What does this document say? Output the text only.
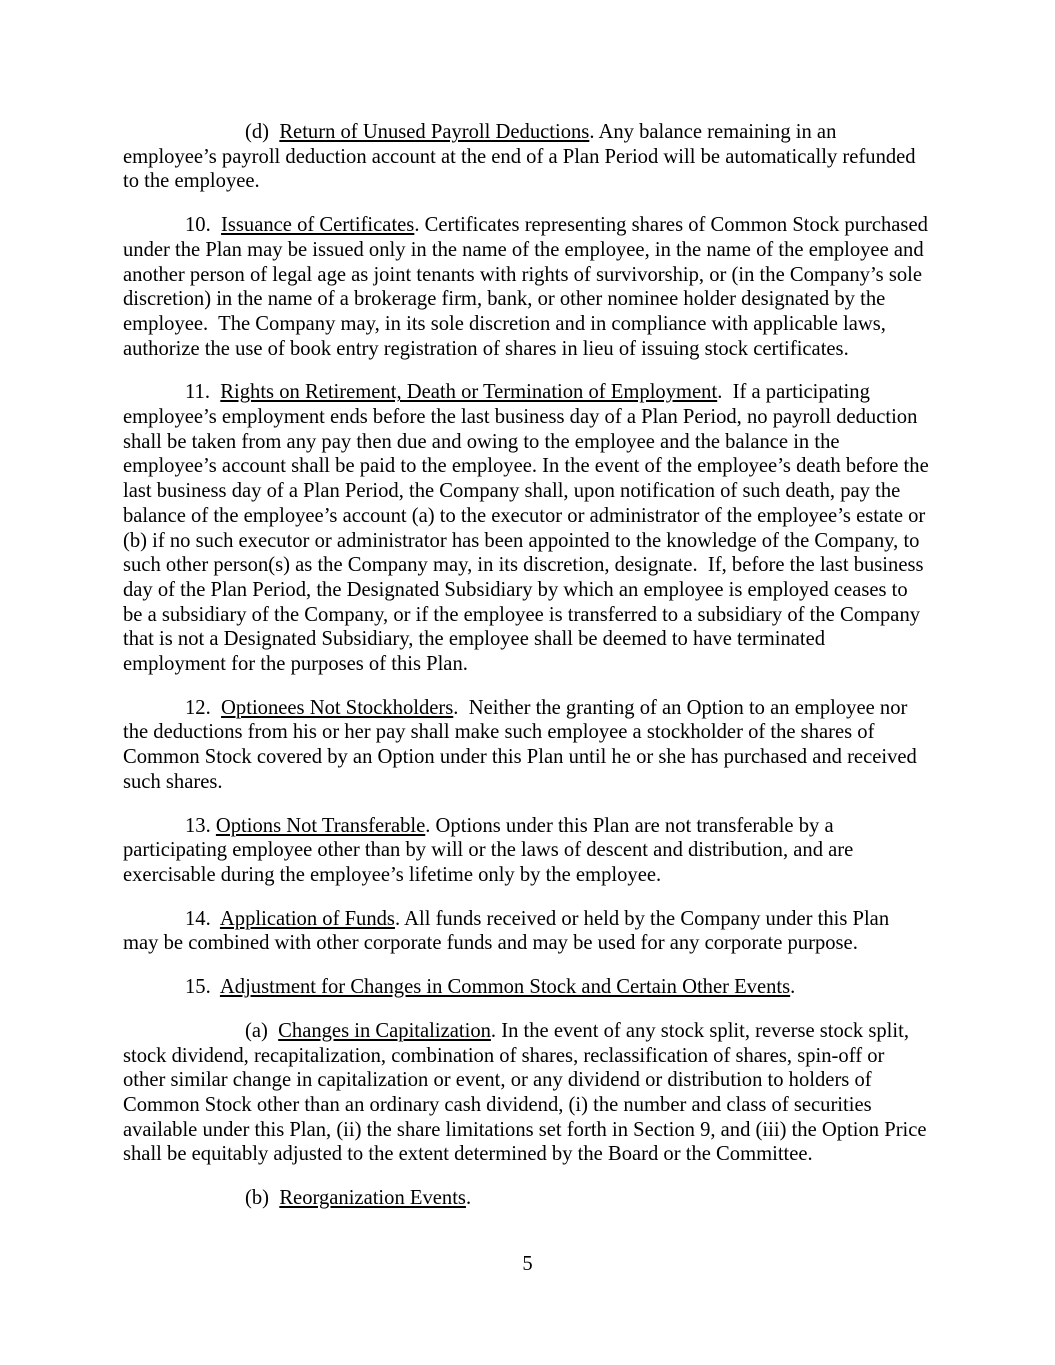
(d)  Return of Unused Payroll Deductions. Any balance remaining in an employee’s payroll deduction account at the end of a Plan Period will be automatically refunded to the employee.

10.  Issuance of Certificates. Certificates representing shares of Common Stock purchased under the Plan may be issued only in the name of the employee, in the name of the employee and another person of legal age as joint tenants with rights of survivorship, or (in the Company’s sole discretion) in the name of a brokerage firm, bank, or other nominee holder designated by the employee.  The Company may, in its sole discretion and in compliance with applicable laws, authorize the use of book entry registration of shares in lieu of issuing stock certificates.

11.  Rights on Retirement, Death or Termination of Employment.  If a participating employee’s employment ends before the last business day of a Plan Period, no payroll deduction shall be taken from any pay then due and owing to the employee and the balance in the employee’s account shall be paid to the employee. In the event of the employee’s death before the last business day of a Plan Period, the Company shall, upon notification of such death, pay the balance of the employee’s account (a) to the executor or administrator of the employee’s estate or (b) if no such executor or administrator has been appointed to the knowledge of the Company, to such other person(s) as the Company may, in its discretion, designate.  If, before the last business day of the Plan Period, the Designated Subsidiary by which an employee is employed ceases to be a subsidiary of the Company, or if the employee is transferred to a subsidiary of the Company that is not a Designated Subsidiary, the employee shall be deemed to have terminated employment for the purposes of this Plan.

12.  Optionees Not Stockholders.  Neither the granting of an Option to an employee nor the deductions from his or her pay shall make such employee a stockholder of the shares of Common Stock covered by an Option under this Plan until he or she has purchased and received such shares.

13. Options Not Transferable. Options under this Plan are not transferable by a participating employee other than by will or the laws of descent and distribution, and are exercisable during the employee’s lifetime only by the employee.

14.  Application of Funds. All funds received or held by the Company under this Plan may be combined with other corporate funds and may be used for any corporate purpose.

15.  Adjustment for Changes in Common Stock and Certain Other Events.

(a)  Changes in Capitalization. In the event of any stock split, reverse stock split, stock dividend, recapitalization, combination of shares, reclassification of shares, spin-off or other similar change in capitalization or event, or any dividend or distribution to holders of Common Stock other than an ordinary cash dividend, (i) the number and class of securities available under this Plan, (ii) the share limitations set forth in Section 9, and (iii) the Option Price shall be equitably adjusted to the extent determined by the Board or the Committee.

(b)  Reorganization Events.

5
